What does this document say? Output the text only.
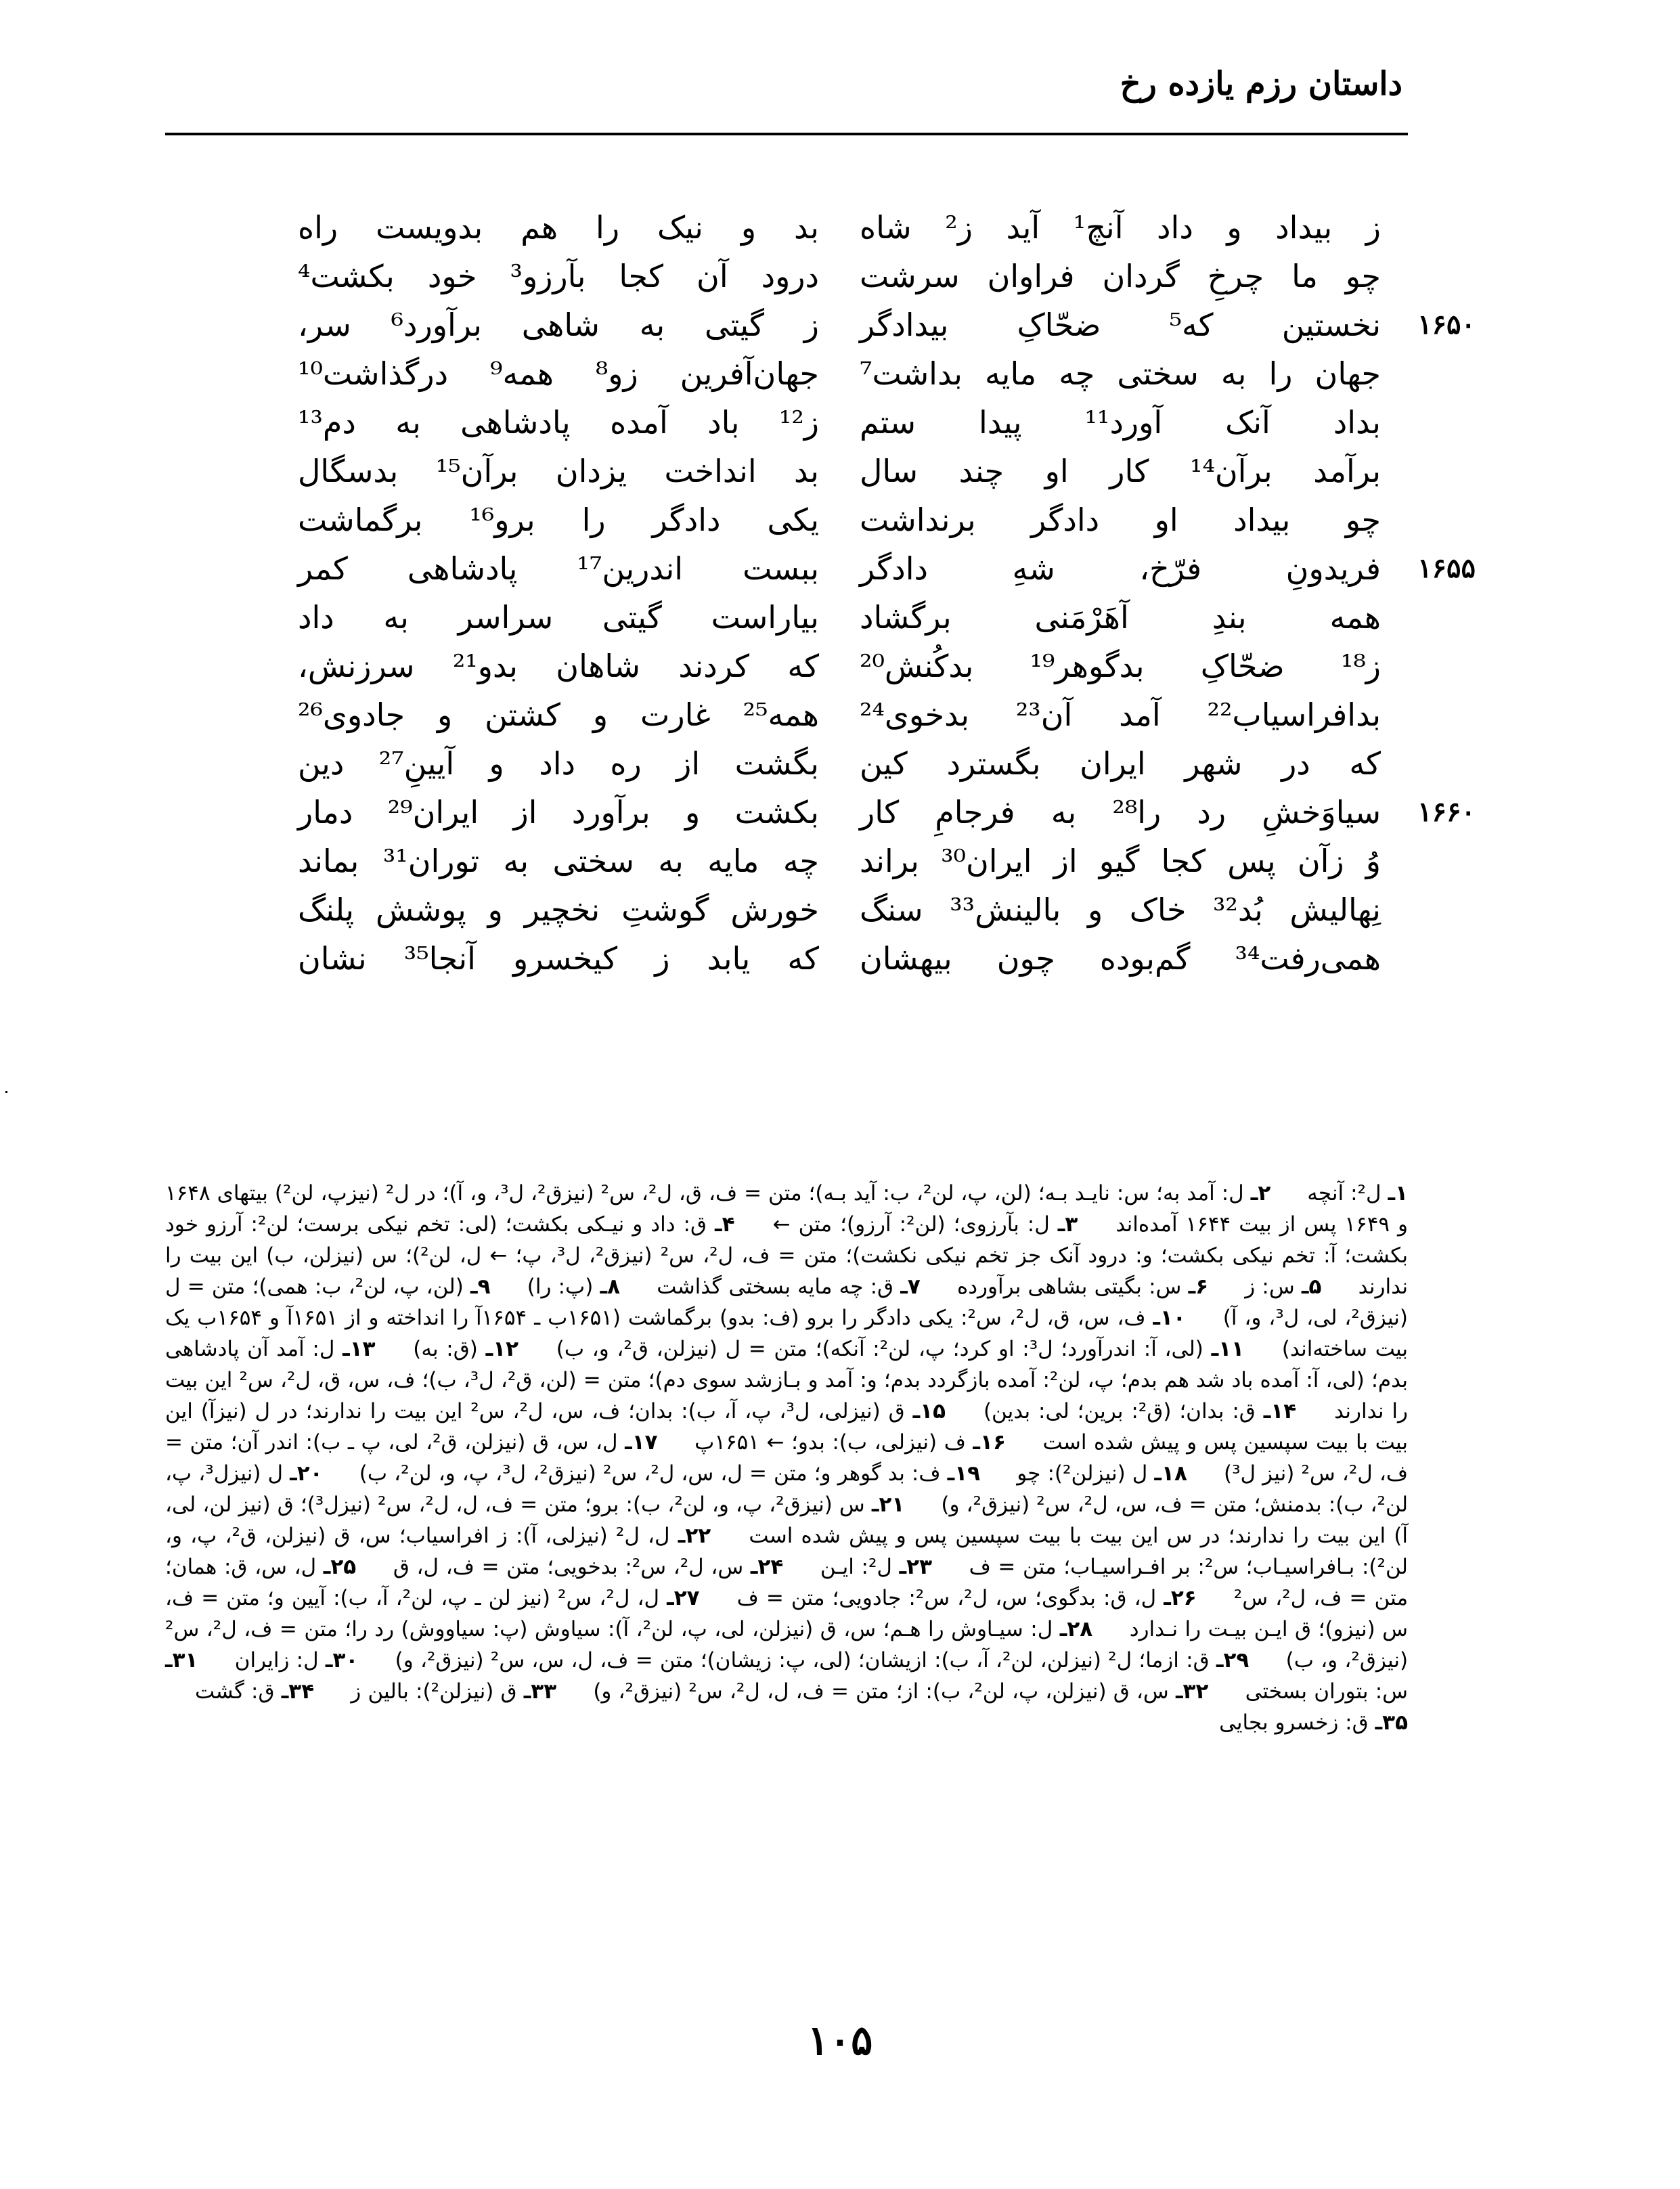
داستان رزم یازده رخ
ز بیداد و داد آنچ¹ آید ز² شاه
بد و نیک را هم بدویست راه
چو ما چرخِ گردان فراوان سرشت
درود آن کجا بآرزو³ خود بکشت⁴
نخستین که⁵ ضحّاکِ بیدادگر
ز گیتی به شاهی برآورد⁶ سر،	۱۶۵۰
جهان را به سختی چه مایه بداشت⁷
جهان‌آفرین زو⁸ همه⁹ درگذاشت¹⁰
بداد آنک آورد¹¹ پیدا ستم
ز¹² باد آمده پادشاهی به دم¹³
برآمد برآن¹⁴ کار او چند سال
بد انداخت یزدان برآن¹⁵ بدسگال
چو بیداد او دادگر برنداشت
یکی دادگر را برو¹⁶ برگماشت
فریدونِ فرّخ، شهِ دادگر
ببست اندرین¹⁷ پادشاهی کمر	۱۶۵۵
همه بندِ آهَرْمَنی برگشاد
بیاراست گیتی سراسر به داد
ز¹⁸ ضحّاکِ بدگوهر¹⁹ بدکُنش²⁰
که کردند شاهان بدو²¹ سرزنش،
بدافراسیاب²² آمد آن²³ بدخوی²⁴
همه²⁵ غارت و کشتن و جادوی²⁶
که در شهر ایران بگسترد کین
بگشت از ره داد و آیینِ²⁷ دین
سیاوَخشِ رد را²⁸ به فرجامِ کار
بکشت و برآورد از ایران²⁹ دمار	۱۶۶۰
وُ زآن پس کجا گیو از ایران³⁰ براند
چه مایه به سختی به توران³¹ بماند
نِهالیش بُد³² خاک و بالینش³³ سنگ
خورش گوشتِ نخچیر و پوشش پلنگ
همی‌رفت³⁴ گم‌بوده چون بیهشان
که یابد ز کیخسرو آنجا³⁵ نشان
۱ـ ل²: آنچه ۲ـ ل: آمد به؛ س: نایـد بـه؛ (لن، پ، لن²، ب: آید بـه)؛ متن = ف، ق، ل²، س² (نیزق²، ل³، و، آ)؛ در ل² (نیزپ، لن²) بیتهای ۱۶۴۸ و ۱۶۴۹ پس از بیت ۱۶۴۴ آمده‌اند ۳ـ ل: بآرزوی؛ (لن²: آرزو)؛ متن ← ۴ـ ق: داد و نیـکی بکشت؛ (لی: تخم نیکی برست؛ لن²: آرزو خود بکشت؛ آ: تخم نیکی بکشت؛ و: درود آنک جز تخم نیکی نکشت)؛ متن = ف، ل²، س² (نیزق²، ل³، پ؛ ← ل، لن²)؛ س (نیزلن، ب) این بیت را ندارند ۵ـ س: ز ۶ـ س: بگیتی بشاهی برآورده ۷ـ ق: چه مایه بسختی گذاشت ۸ـ (پ: را) ۹ـ (لن، پ، لن²، ب: همی)؛ متن = ل (نیزق²، لی، ل³، و، آ) ۱۰ـ ف، س، ق، ل²، س²: یکی دادگر را برو (ف: بدو) برگماشت (۱۶۵۱ب ـ ۱۶۵۴آ را انداخته و از ۱۶۵۱آ و ۱۶۵۴ب یک بیت ساخته‌اند) ۱۱ـ (لی، آ: اندرآورد؛ ل³: او کرد؛ پ، لن²: آنکه)؛ متن = ل (نیزلن، ق²، و، ب) ۱۲ـ (ق: به) ۱۳ـ ل: آمد آن پادشاهی بدم؛ (لی، آ: آمده باد شد هم بدم؛ پ، لن²: آمده بازگردد بدم؛ و: آمد و بـازشد سوی دم)؛ متن = (لن، ق²، ل³، ب)؛ ف، س، ق، ل²، س² این بیت را ندارند ۱۴ـ ق: بدان؛ (ق²: برین؛ لی: بدین) ۱۵ـ ق (نیزلی، ل³، پ، آ، ب): بدان؛ ف، س، ل²، س² این بیت را ندارند؛ در ل (نیزآ) این بیت با بیت سپسین پس و پیش شده است ۱۶ـ ف (نیزلی، ب): بدو؛ ← ۱۶۵۱پ ۱۷ـ ل، س، ق (نیزلن، ق²، لی، پ ـ ب): اندر آن؛ متن = ف، ل²، س² (نیز ل³) ۱۸ـ ل (نیزلن²): چو ۱۹ـ ف: بد گوهر و؛ متن = ل، س، ل²، س² (نیزق²، ل³، پ، و، لن²، ب) ۲۰ـ ل (نیزل³، پ، لن²، ب): بدمنش؛ متن = ف، س، ل²، س² (نیزق²، و) ۲۱ـ س (نیزق²، پ، و، لن²، ب): برو؛ متن = ف، ل، ل²، س² (نیزل³)؛ ق (نیز لن، لی، آ) این بیت را ندارند؛ در س این بیت با بیت سپسین پس و پیش شده است ۲۲ـ ل، ل² (نیزلی، آ): ز افراسیاب؛ س، ق (نیزلن، ق²، پ، و، لن²): بـافراسیـاب؛ س²: بر افـراسیـاب؛ متن = ف ۲۳ـ ل²: ایـن ۲۴ـ س، ل²، س²: بدخویی؛ متن = ف، ل، ق ۲۵ـ ل، س، ق: همان؛ متن = ف، ل²، س² ۲۶ـ ل، ق: بدگوی؛ س، ل²، س²: جادویی؛ متن = ف ۲۷ـ ل، ل²، س² (نیز لن ـ پ، لن²، آ، ب): آیین و؛ متن = ف، س (نیزو)؛ ق ایـن بیـت را نـدارد ۲۸ـ ل: سیـاوش را هـم؛ س، ق (نیزلن، لی، پ، لن²، آ): سیاوش (پ: سیاووش) رد را؛ متن = ف، ل²، س² (نیزق²، و، ب) ۲۹ـ ق: ازما؛ ل² (نیزلن، لن²، آ، ب): ازیشان؛ (لی، پ: زیشان)؛ متن = ف، ل، س، س² (نیزق²، و) ۳۰ـ ل: زایران ۳۱ـ س: بتوران بسختی ۳۲ـ س، ق (نیزلن، پ، لن²، ب): از؛ متن = ف، ل، ل²، س² (نیزق²، و) ۳۳ـ ق (نیزلن²): بالین ز ۳۴ـ ق: گشت ۳۵ـ ق: زخسرو بجایی
۱۰۵
